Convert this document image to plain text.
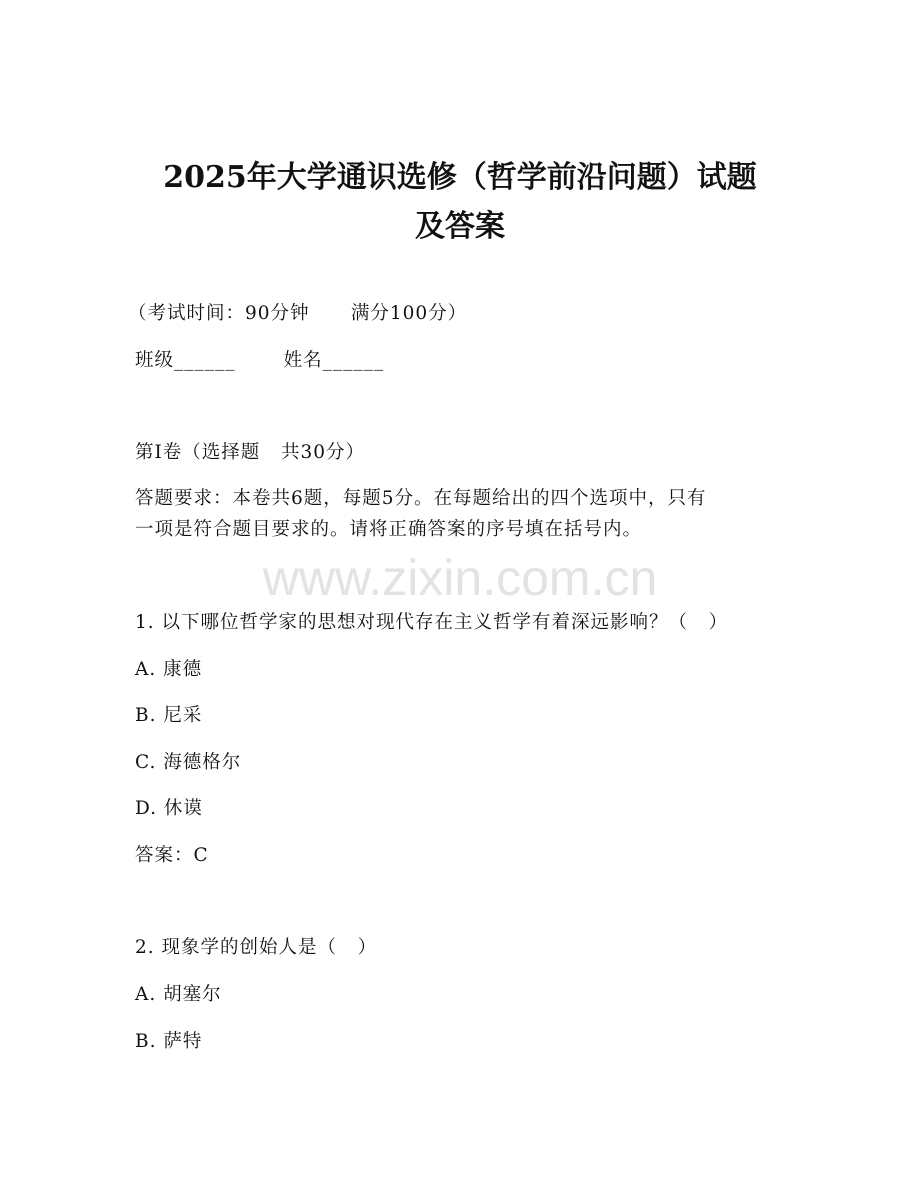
2025年大学通识选修（哲学前沿问题）试题
及答案
（考试时间：90分钟      满分100分）
班级______       姓名______
第Ⅰ卷（选择题   共30分）
答题要求：本卷共6题，每题5分。在每题给出的四个选项中，只有
一项是符合题目要求的。请将正确答案的序号填在括号内。
www.zixin.com.cn
1. 以下哪位哲学家的思想对现代存在主义哲学有着深远影响？（   ）
A. 康德
B. 尼采
C. 海德格尔
D. 休谟
答案：C
2. 现象学的创始人是（   ）
A. 胡塞尔
B. 萨特
